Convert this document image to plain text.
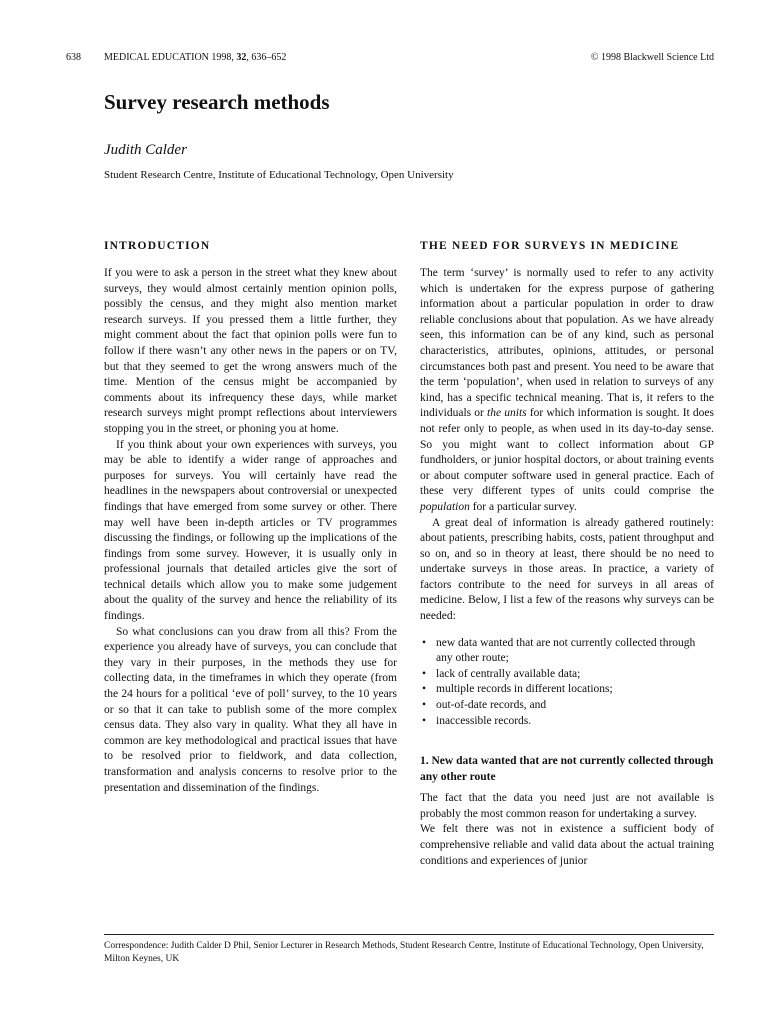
638 MEDICAL EDUCATION 1998, 32, 636–652	© 1998 Blackwell Science Ltd
Survey research methods
Judith Calder
Student Research Centre, Institute of Educational Technology, Open University
INTRODUCTION

If you were to ask a person in the street what they knew about surveys, they would almost certainly mention opinion polls, possibly the census, and they might also mention market research surveys. If you pressed them a little further, they might comment about the fact that opinion polls were fun to follow if there wasn’t any other news in the papers or on TV, but that they seemed to get the wrong answers much of the time. Mention of the census might be accompanied by comments about its infrequency these days, while market research surveys might prompt reflections about interviewers stopping you in the street, or phoning you at home.

If you think about your own experiences with surveys, you may be able to identify a wider range of approaches and purposes for surveys. You will certainly have read the headlines in the newspapers about controversial or unexpected findings that have emerged from some survey or other. There may well have been in-depth articles or TV programmes discussing the findings, or following up the implications of the findings from some survey. However, it is usually only in professional journals that detailed articles give the sort of technical details which allow you to make some judgement about the quality of the survey and hence the reliability of its findings.

So what conclusions can you draw from all this? From the experience you already have of surveys, you can conclude that they vary in their purposes, in the methods they use for collecting data, in the timeframes in which they operate (from the 24 hours for a political ‘eve of poll’ survey, to the 10 years or so that it can take to publish some of the more complex census data. They also vary in quality. What they all have in common are key methodological and practical issues that have to be resolved prior to fieldwork, and data collection, transformation and analysis concerns to resolve prior to the presentation and dissemination of the findings.

THE NEED FOR SURVEYS IN MEDICINE

The term ‘survey’ is normally used to refer to any activity which is undertaken for the express purpose of gathering information about a particular population in order to draw reliable conclusions about that population. As we have already seen, this information can be of any kind, such as personal characteristics, attributes, opinions, attitudes, or personal circumstances both past and present. You need to be aware that the term ‘population’, when used in relation to surveys of any kind, has a specific technical meaning. That is, it refers to the individuals or the units for which information is sought. It does not refer only to people, as when used in its day-to-day sense. So you might want to collect information about GP fundholders, or junior hospital doctors, or about training events or about computer software used in general practice. Each of these very different types of units could comprise the population for a particular survey.

A great deal of information is already gathered routinely: about patients, prescribing habits, costs, patient throughput and so on, and so in theory at least, there should be no need to undertake surveys in those areas. In practice, a variety of factors contribute to the need for surveys in all areas of medicine. Below, I list a few of the reasons why surveys can be needed:

• new data wanted that are not currently collected through any other route;
• lack of centrally available data;
• multiple records in different locations;
• out-of-date records, and
• inaccessible records.
1. New data wanted that are not currently collected through any other route

The fact that the data you need just are not available is probably the most common reason for undertaking a survey.

We felt there was not in existence a sufficient body of comprehensive reliable and valid data about the actual training conditions and experiences of junior

Correspondence: Judith Calder D Phil, Senior Lecturer in Research Methods, Student Research Centre, Institute of Educational Technology, Open University, Milton Keynes, UK
